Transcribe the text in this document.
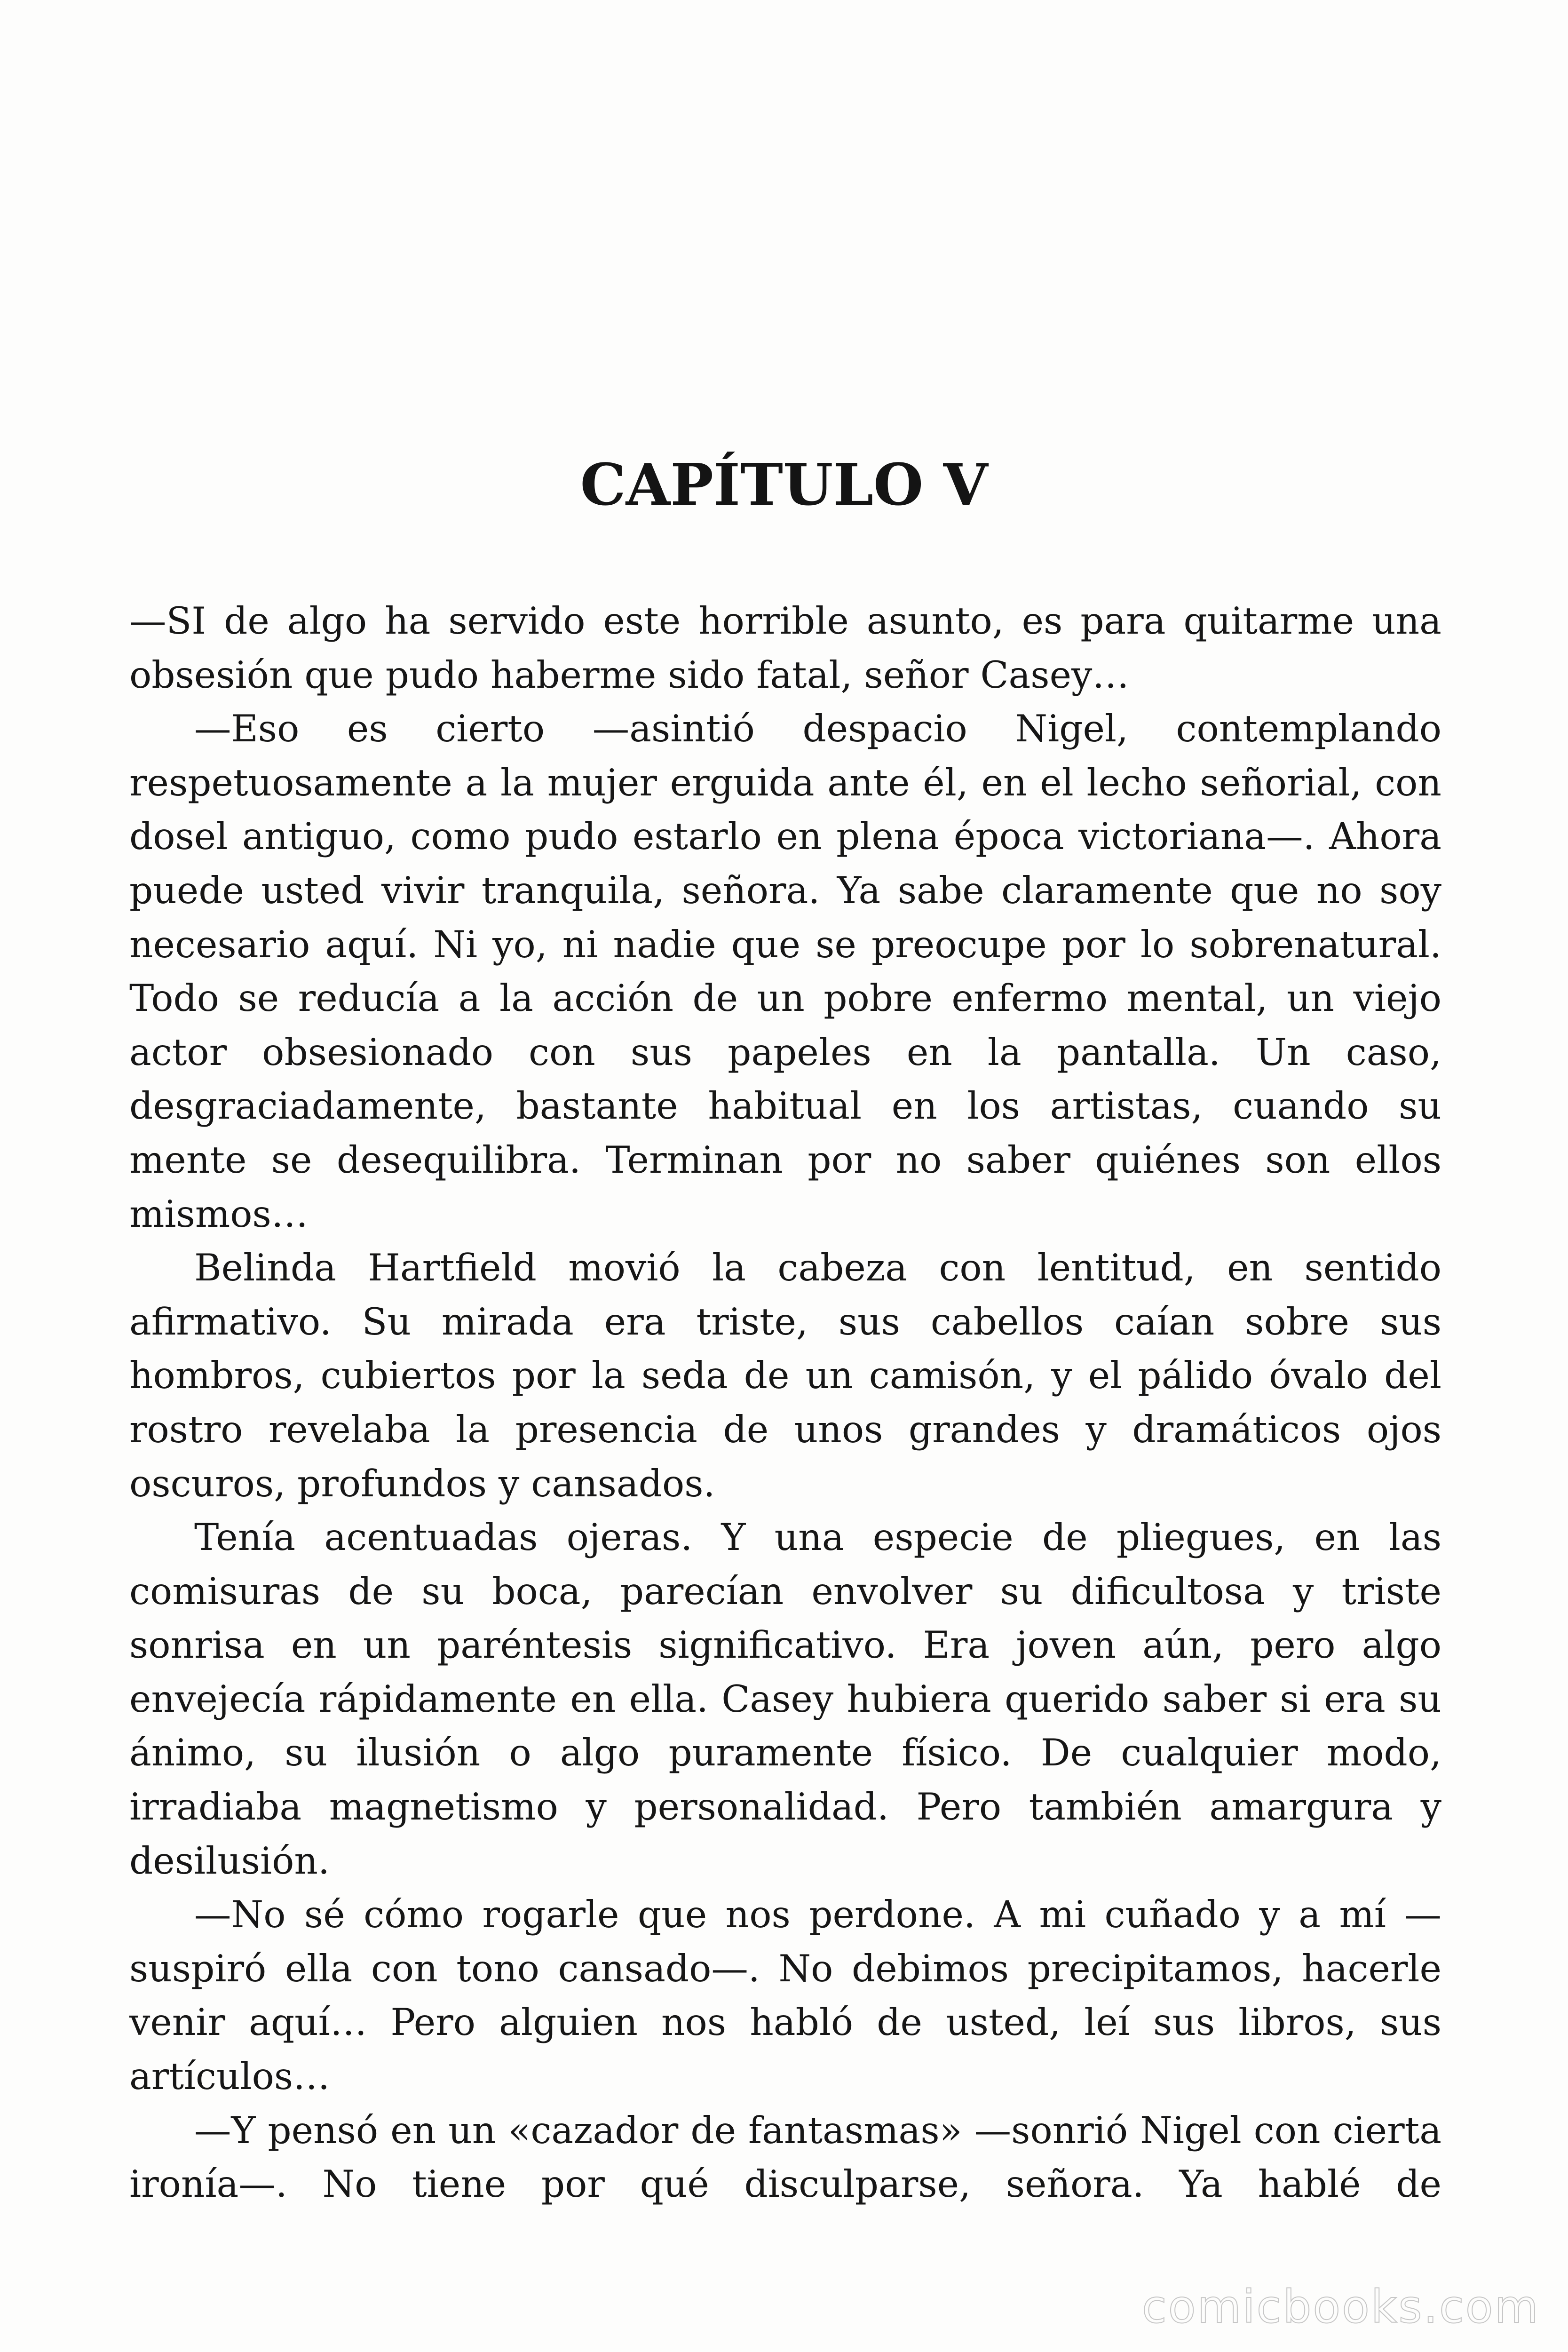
CAPÍTULO V

—SI de algo ha servido este horrible asunto, es para quitarme una obsesión que pudo haberme sido fatal, señor Casey…

—Eso es cierto —asintió despacio Nigel, contemplando respetuosamente a la mujer erguida ante él, en el lecho señorial, con dosel antiguo, como pudo estarlo en plena época victoriana—. Ahora puede usted vivir tranquila, señora. Ya sabe claramente que no soy necesario aquí. Ni yo, ni nadie que se preocupe por lo sobrenatural. Todo se reducía a la acción de un pobre enfermo mental, un viejo actor obsesionado con sus papeles en la pantalla. Un caso, desgraciadamente, bastante habitual en los artistas, cuando su mente se desequilibra. Terminan por no saber quiénes son ellos mismos…

Belinda Hartfield movió la cabeza con lentitud, en sentido afirmativo. Su mirada era triste, sus cabellos caían sobre sus hombros, cubiertos por la seda de un camisón, y el pálido óvalo del rostro revelaba la presencia de unos grandes y dramáticos ojos oscuros, profundos y cansados.

Tenía acentuadas ojeras. Y una especie de pliegues, en las comisuras de su boca, parecían envolver su dificultosa y triste sonrisa en un paréntesis significativo. Era joven aún, pero algo envejecía rápidamente en ella. Casey hubiera querido saber si era su ánimo, su ilusión o algo puramente físico. De cualquier modo, irradiaba magnetismo y personalidad. Pero también amargura y desilusión.

—No sé cómo rogarle que nos perdone. A mi cuñado y a mí —suspiró ella con tono cansado—. No debimos precipitamos, hacerle venir aquí… Pero alguien nos habló de usted, leí sus libros, sus artículos…

—Y pensó en un «cazador de fantasmas» —sonrió Nigel con cierta ironía—. No tiene por qué disculparse, señora. Ya hablé de

comicbooks.com
